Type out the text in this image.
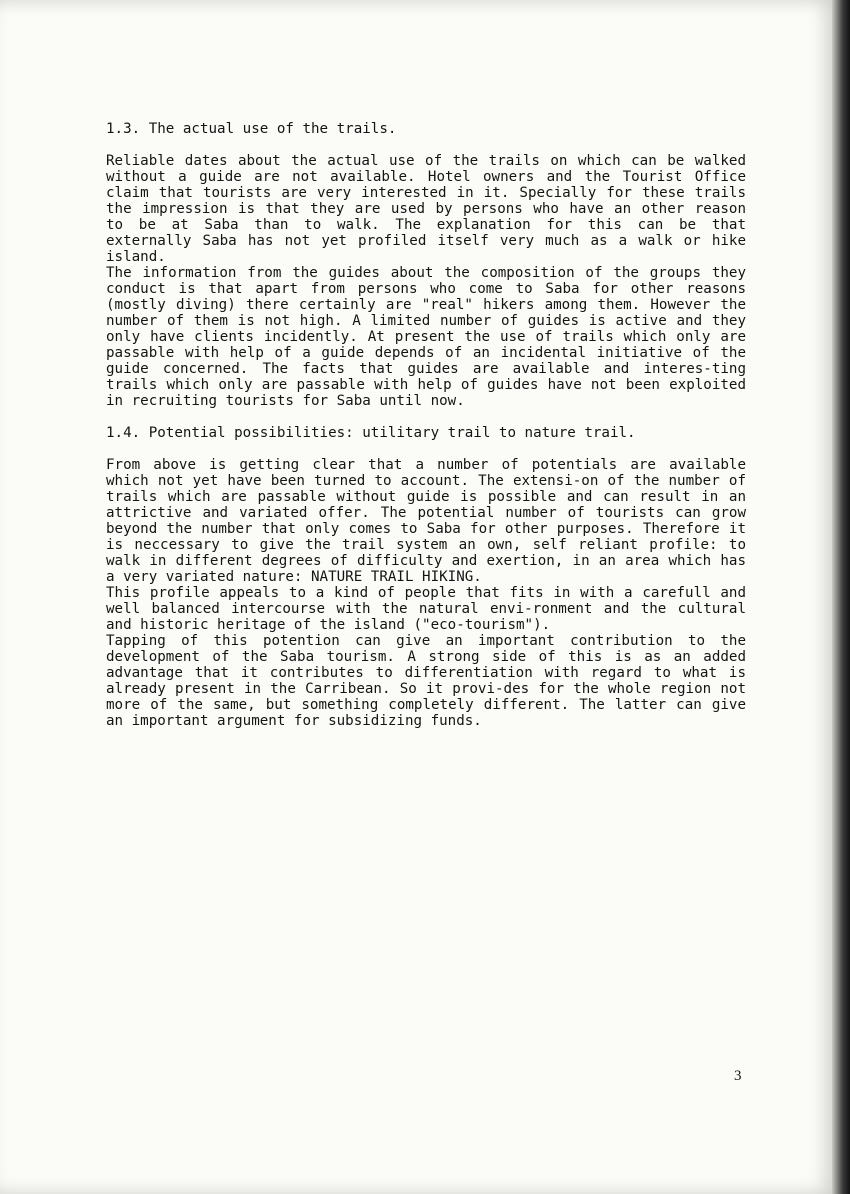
1.3. The actual use of the trails.

Reliable dates about the actual use of the trails on which can be walked without a guide are not available. Hotel owners and the Tourist Office claim that tourists are very interested in it. Specially for these trails the impression is that they are used by persons who have an other reason to be at Saba than to walk. The explanation for this can be that externally Saba has not yet profiled itself very much as a walk or hike island.

The information from the guides about the composition of the groups they conduct is that apart from persons who come to Saba for other reasons (mostly diving) there certainly are "real" hikers among them. However the number of them is not high. A limited number of guides is active and they only have clients incidently. At present the use of trails which only are passable with help of a guide depends of an incidental initiative of the guide concerned. The facts that guides are available and interes-ting trails which only are passable with help of guides have not been exploited in recruiting tourists for Saba until now.

1.4. Potential possibilities: utilitary trail to nature trail.

From above is getting clear that a number of potentials are available which not yet have been turned to account. The extensi-on of the number of trails which are passable without guide is possible and can result in an attrictive and variated offer. The potential number of tourists can grow beyond the number that only comes to Saba for other purposes. Therefore it is neccessary to give the trail system an own, self reliant profile: to walk in different degrees of difficulty and exertion, in an area which has a very variated nature: NATURE TRAIL HIKING.

This profile appeals to a kind of people that fits in with a carefull and well balanced intercourse with the natural envi-ronment and the cultural and historic heritage of the island ("eco-tourism").

Tapping of this potention can give an important contribution to the development of the Saba tourism. A strong side of this is as an added advantage that it contributes to differentiation with regard to what is already present in the Carribean. So it provi-des for the whole region not more of the same, but something completely different. The latter can give an important argument for subsidizing funds.

3
